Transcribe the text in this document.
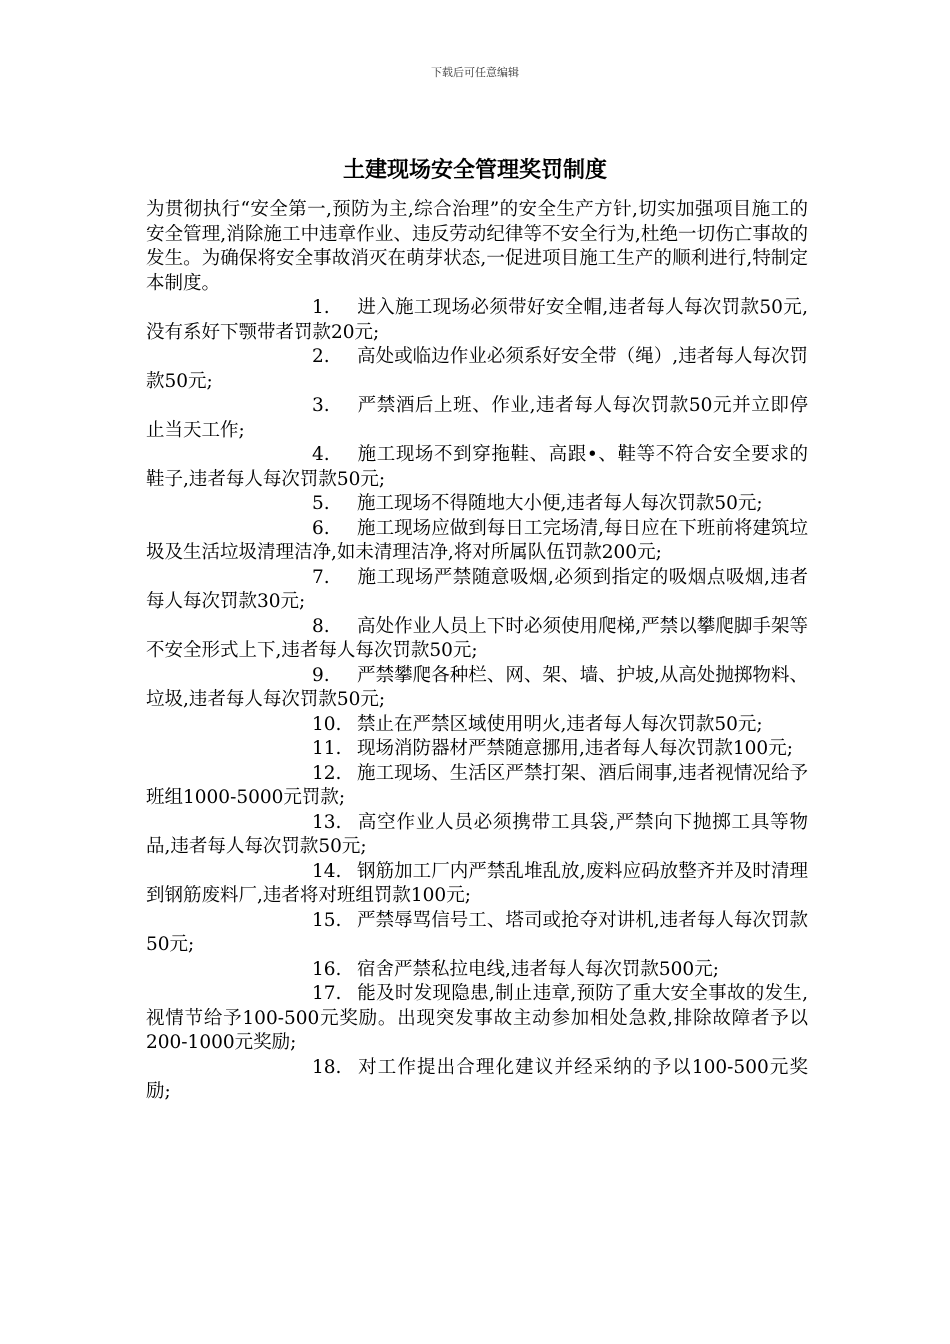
下载后可任意编辑
土建现场安全管理奖罚制度

为贯彻执行“安全第一,预防为主,综合治理”的安全生产方针,切实加强项目施工的安全管理,消除施工中违章作业、违反劳动纪律等不安全行为,杜绝一切伤亡事故的发生。为确保将安全事故消灭在萌芽状态,一促进项目施工生产的顺利进行,特制定本制度。

1. 进入施工现场必须带好安全帽,违者每人每次罚款50元,没有系好下颚带者罚款20元;

2. 高处或临边作业必须系好安全带（绳）,违者每人每次罚款50元;

3. 严禁酒后上班、作业,违者每人每次罚款50元并立即停止当天工作;

4. 施工现场不到穿拖鞋、高跟•、鞋等不符合安全要求的鞋子,违者每人每次罚款50元;

5. 施工现场不得随地大小便,违者每人每次罚款50元;

6. 施工现场应做到每日工完场清,每日应在下班前将建筑垃圾及生活垃圾清理洁净,如未清理洁净,将对所属队伍罚款200元;

7. 施工现场严禁随意吸烟,必须到指定的吸烟点吸烟,违者每人每次罚款30元;

8. 高处作业人员上下时必须使用爬梯,严禁以攀爬脚手架等不安全形式上下,违者每人每次罚款50元;

9. 严禁攀爬各种栏、网、架、墙、护坡,从高处抛掷物料、垃圾,违者每人每次罚款50元;

10. 禁止在严禁区域使用明火,违者每人每次罚款50元;

11. 现场消防器材严禁随意挪用,违者每人每次罚款100元;

12. 施工现场、生活区严禁打架、酒后闹事,违者视情况给予班组1000-5000元罚款;

13. 高空作业人员必须携带工具袋,严禁向下抛掷工具等物品,违者每人每次罚款50元;

14. 钢筋加工厂内严禁乱堆乱放,废料应码放整齐并及时清理到钢筋废料厂,违者将对班组罚款100元;

15. 严禁辱骂信号工、塔司或抢夺对讲机,违者每人每次罚款50元;

16. 宿舍严禁私拉电线,违者每人每次罚款500元;

17. 能及时发现隐患,制止违章,预防了重大安全事故的发生,视情节给予100-500元奖励。出现突发事故主动参加相处急救,排除故障者予以200-1000元奖励;

18. 对工作提出合理化建议并经采纳的予以100-500元奖励;
